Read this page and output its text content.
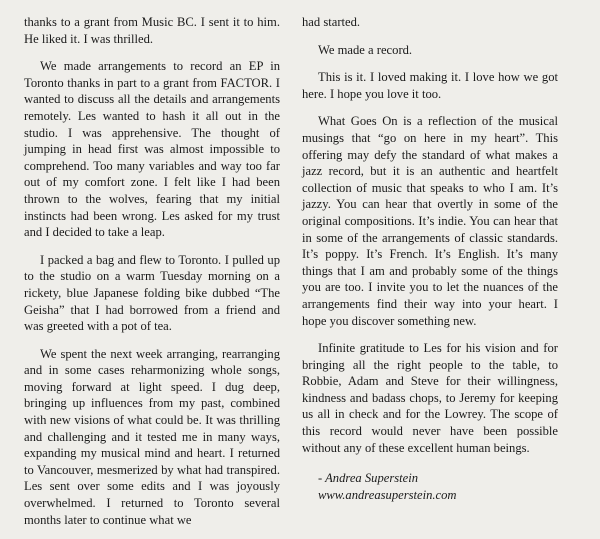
thanks to a grant from Music BC. I sent it to him. He liked it. I was thrilled.

We made arrangements to record an EP in Toronto thanks in part to a grant from FACTOR. I wanted to discuss all the details and arrangements remotely. Les wanted to hash it all out in the studio. I was apprehensive. The thought of jumping in head first was almost impossible to comprehend. Too many variables and way too far out of my comfort zone. I felt like I had been thrown to the wolves, fearing that my initial instincts had been wrong. Les asked for my trust and I decided to take a leap.

I packed a bag and flew to Toronto. I pulled up to the studio on a warm Tuesday morning on a rickety, blue Japanese folding bike dubbed “The Geisha” that I had borrowed from a friend and was greeted with a pot of tea.

We spent the next week arranging, rearranging and in some cases reharmonizing whole songs, moving forward at light speed. I dug deep, bringing up influences from my past, combined with new visions of what could be. It was thrilling and challenging and it tested me in many ways, expanding my musical mind and heart. I returned to Vancouver, mesmerized by what had transpired. Les sent over some edits and I was joyously overwhelmed. I returned to Toronto several months later to continue what we

had started.

We made a record.

This is it. I loved making it. I love how we got here. I hope you love it too.

What Goes On is a reflection of the musical musings that “go on here in my heart”. This offering may defy the standard of what makes a jazz record, but it is an authentic and heartfelt collection of music that speaks to who I am. It’s jazzy. You can hear that overtly in some of the original compositions. It’s indie. You can hear that in some of the arrangements of classic standards. It’s poppy. It’s French. It’s English. It’s many things that I am and probably some of the things you are too. I invite you to let the nuances of the arrangements find their way into your heart. I hope you discover something new.

Infinite gratitude to Les for his vision and for bringing all the right people to the table, to Robbie, Adam and Steve for their willingness, kindness and badass chops, to Jeremy for keeping us all in check and for the Lowrey. The scope of this record would never have been possible without any of these excellent human beings.

- Andrea Superstein
www.andreasuperstein.com
